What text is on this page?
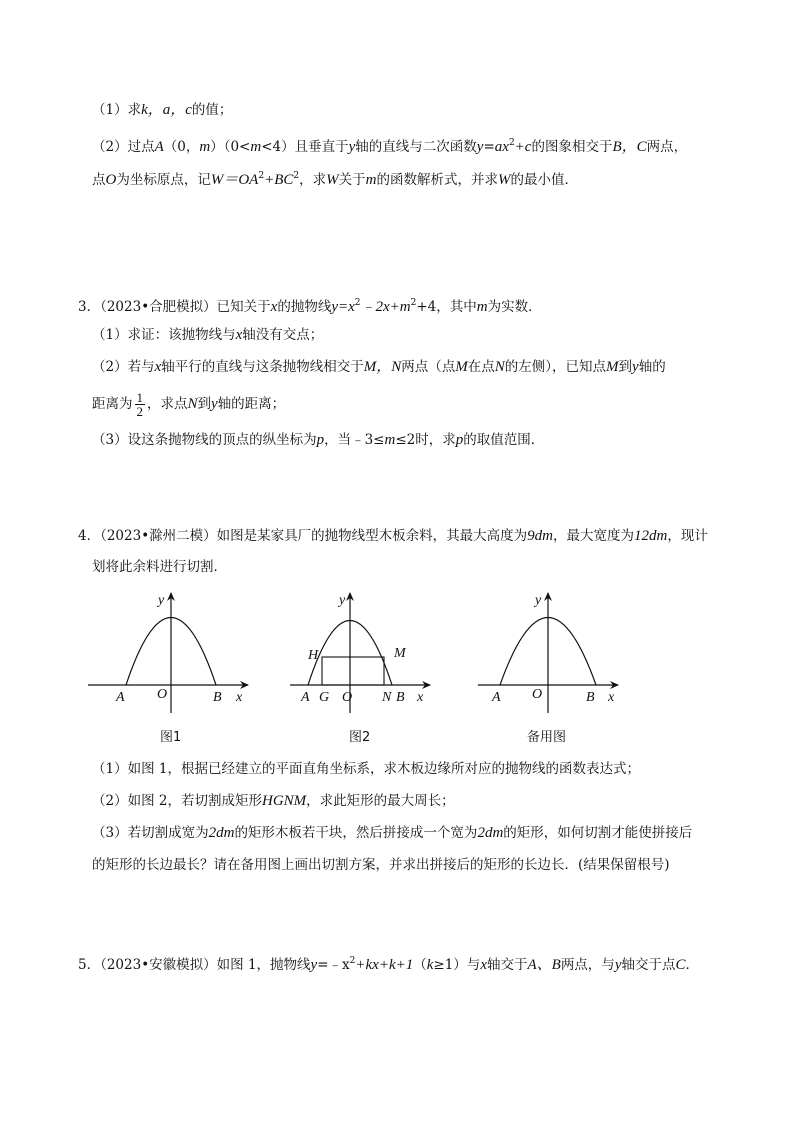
（1）求k，a，c的值；
（2）过点A（0，m）（0<m<4）且垂直于y轴的直线与二次函数$y=ax^2+c$的图象相交于B，C两点，
点O为坐标原点，记$W=OA^2+BC^2$，求W关于m的函数解析式，并求W的最小值．
3．（2023•合肥模拟）已知关于x的抛物线$y=x^2﹣2x+m^2+4$，其中m为实数．
（1）求证：该抛物线与x轴没有交点；
（2）若与x轴平行的直线与这条抛物线相交于M，N两点（点M在点N的左侧），已知点M到y轴的
距离为 $\frac{1}{2}$ ，求点N到y轴的距离；
（3）设这条抛物线的顶点的纵坐标为p，当﹣3≤m≤2时，求p的取值范围．
4．（2023•滁州二模）如图是某家具厂的抛物线型木板余料，其最大高度为9dm，最大宽度为12dm，现计
划将此余料进行切割．
y
x
A O	B
图1
y
x
H	M
A G O N B
图2
y
x
A O	B
备用图
（1）如图 1，根据已经建立的平面直角坐标系，求木板边缘所对应的抛物线的函数表达式；
（2）如图 2，若切割成矩形HGNM，求此矩形的最大周长；
（3）若切割成宽为2dm的矩形木板若干块，然后拼接成一个宽为2dm的矩形，如何切割才能使拼接后
的矩形的长边最长？请在备用图上画出切割方案，并求出拼接后的矩形的长边长．(结果保留根号)
5．（2023•安徽模拟）如图 1，抛物线$y=﹣x^2+kx+k+1(k\ge 1)$与x轴交于A、B两点，与y轴交于点C．
